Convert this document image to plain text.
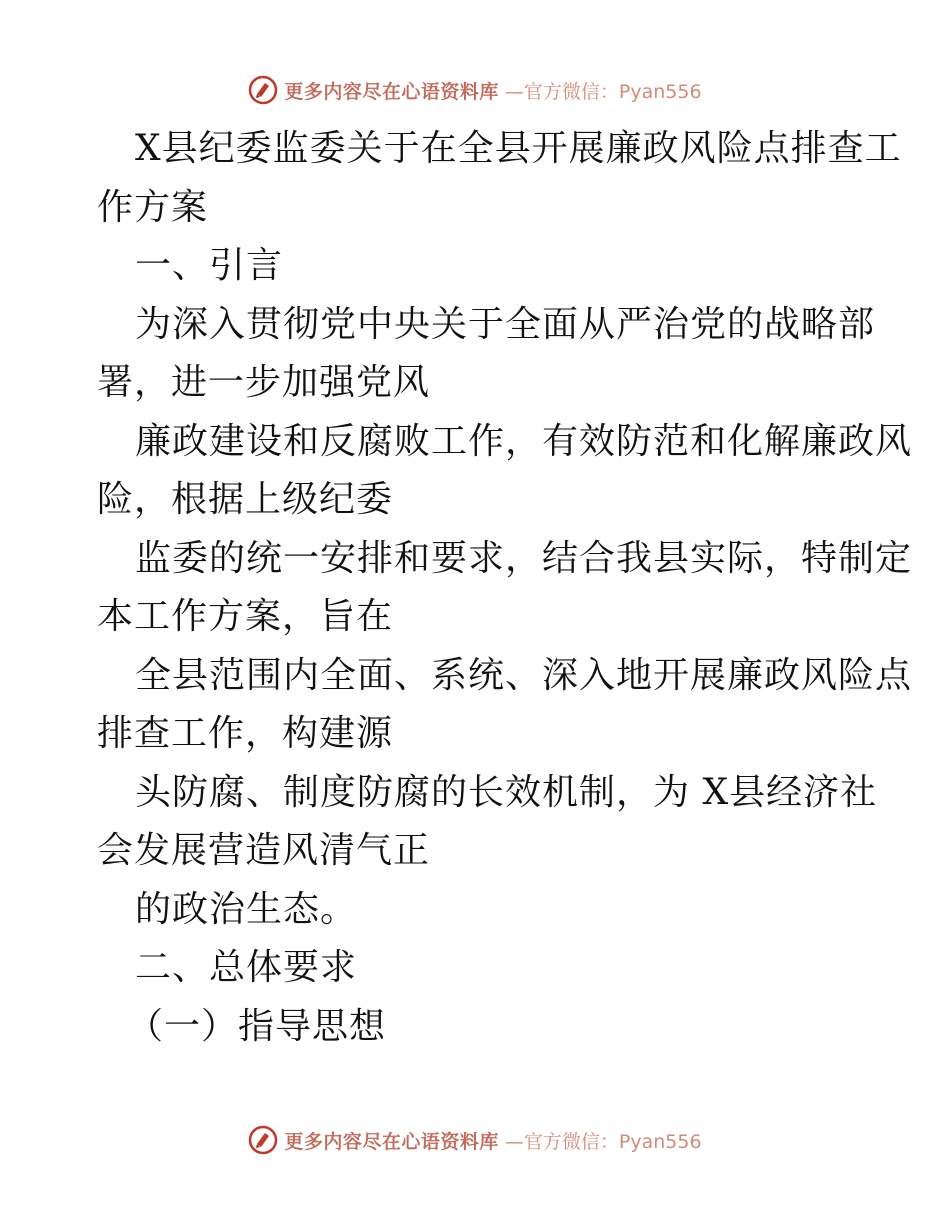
更多内容尽在心语资料库 —官方微信：Pyan556
X县纪委监委关于在全县开展廉政风险点排查工
作方案
一、引言
为深入贯彻党中央关于全面从严治党的战略部
署，进一步加强党风
廉政建设和反腐败工作，有效防范和化解廉政风
险，根据上级纪委
监委的统一安排和要求，结合我县实际，特制定
本工作方案，旨在
全县范围内全面、系统、深入地开展廉政风险点
排查工作，构建源
头防腐、制度防腐的长效机制，为 X县经济社
会发展营造风清气正
的政治生态。
二、总体要求
（一）指导思想
更多内容尽在心语资料库 —官方微信：Pyan556
